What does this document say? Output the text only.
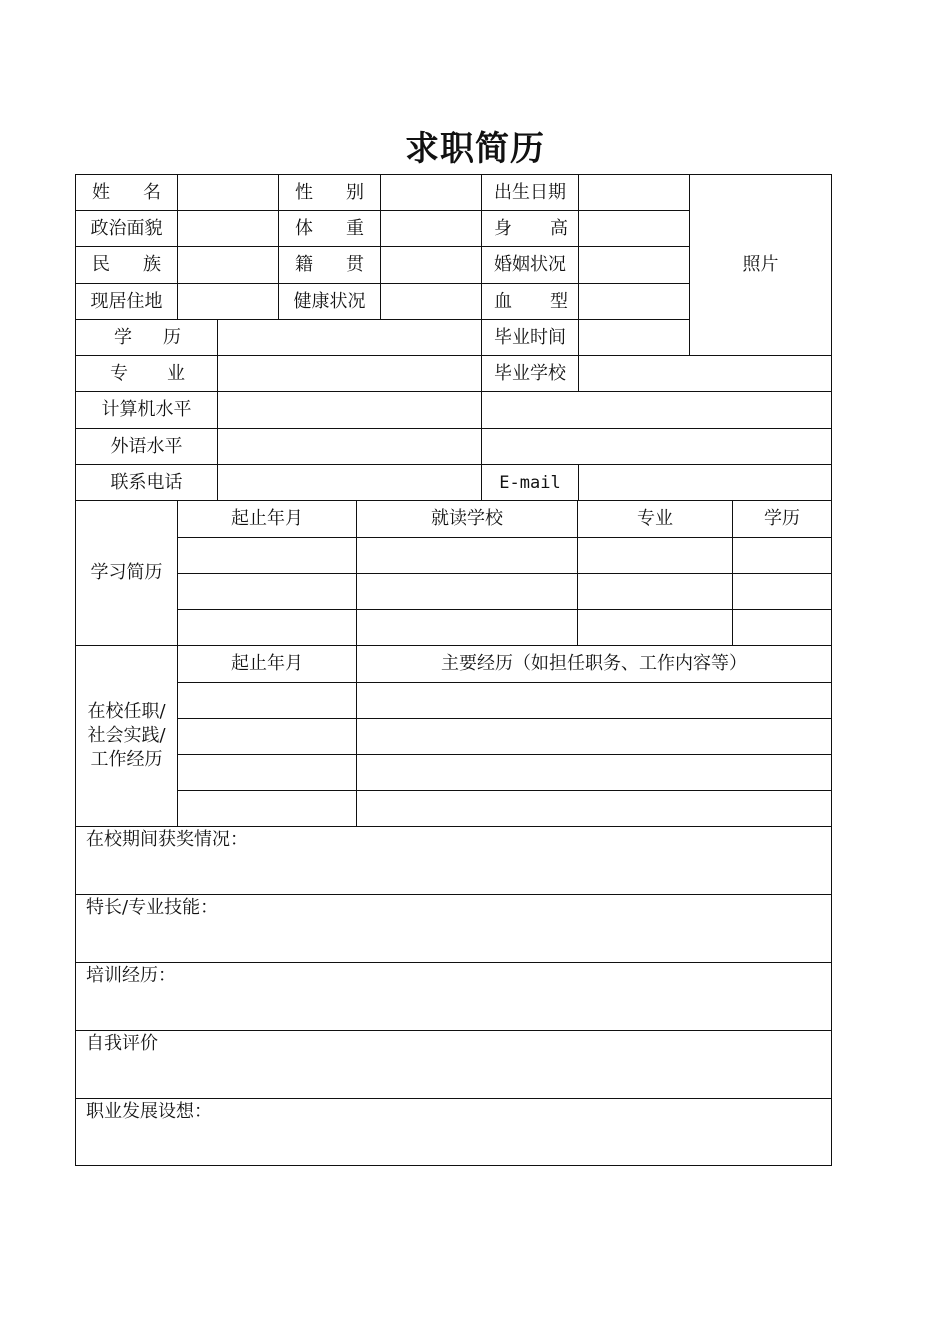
求职简历
姓 名	性 别	出生日期
政治面貌	体 重	身 高
民 族	籍 贯	婚姻状况
现居住地	健康状况	血 型
照片
学 历	毕业时间
专 业	毕业学校
计算机水平
外语水平
联系电话	E-mail
学习简历
起止年月	就读学校	专业	学历
在校任职/社会实践/工作经历
起止年月	主要经历（如担任职务、工作内容等）
在校期间获奖情况：
特长/专业技能：
培训经历：
自我评价
职业发展设想：
